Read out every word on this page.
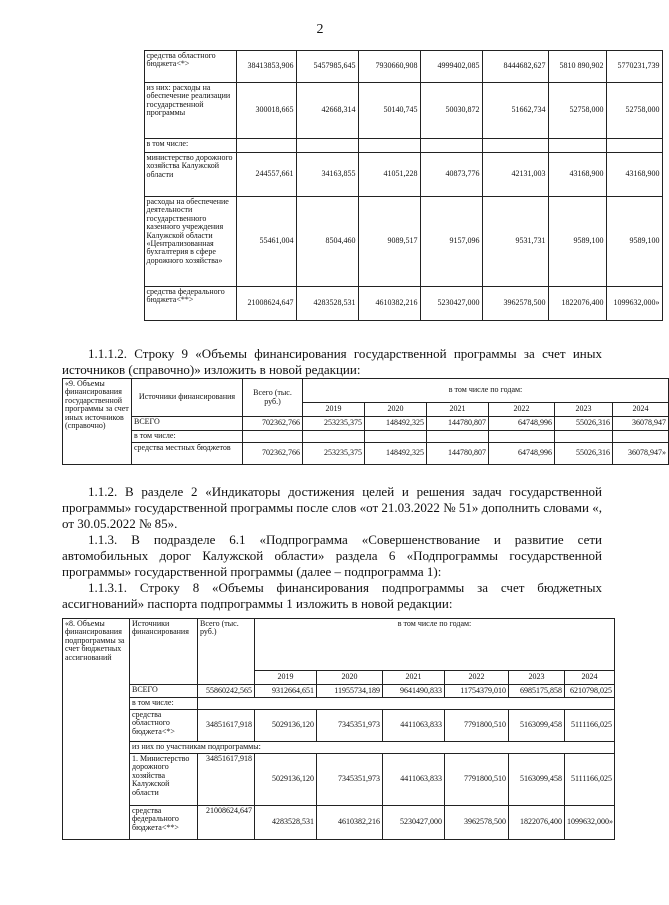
2
	средства областного бюджета<*>	38413853,906	5457985,645	7930660,908	4999402,085	8444682,627	5810 890,902	5770231,739
	из них: расходы на обеспечение реализации государственной программы	300018,665	42668,314	50140,745	50030,872	51662,734	52758,000	52758,000
	в том числе:							
	министерство дорожного хозяйства Калужской области	244557,661	34163,855	41051,228	40873,776	42131,003	43168,900	43168,900
	расходы на обеспечение деятельности государственного казенного учреждения Калужской области «Централизованная бухгалтерия в сфере дорожного хозяйства»	55461,004	8504,460	9089,517	9157,096	9531,731	9589,100	9589,100
	средства федерального бюджета<**>	21008624,647	4283528,531	4610382,216	5230427,000	3962578,500	1822076,400	1099632,000»
1.1.1.2. Строку 9 «Объемы финансирования государственной программы за счет иных источников (справочно)» изложить в новой редакции:
«9. Объемы финансирования государственной программы за счет иных источников (справочно)	Источники финансирования	Всего (тыс. руб.)	в том числе по годам:					
			2019	2020	2021	2022	2023	2024
	ВСЕГО	702362,766	253235,375	148492,325	144780,807	64748,996	55026,316	36078,947
	в том числе:							
	средства местных бюджетов	702362,766	253235,375	148492,325	144780,807	64748,996	55026,316	36078,947»
1.1.2. В разделе 2 «Индикаторы достижения целей и решения задач государственной программы» государственной программы после слов «от 21.03.2022 № 51» дополнить словами «, от 30.05.2022 № 85».
1.1.3. В подразделе 6.1 «Подпрограмма «Совершенствование и развитие сети автомобильных дорог Калужской области» раздела 6 «Подпрограммы государственной программы» государственной программы (далее – подпрограмма 1):
1.1.3.1. Строку 8 «Объемы финансирования подпрограммы за счет бюджетных ассигнований» паспорта подпрограммы 1 изложить в новой редакции:
«8. Объемы финансирования подпрограммы за счет бюджетных ассигнований	Источники финансирования	Всего (тыс. руб.)	в том числе по годам:					
			2019	2020	2021	2022	2023	2024
	ВСЕГО	55860242,565	9312664,651	11955734,189	9641490,833	11754379,010	6985175,858	6210798,025
	в том числе:							
	средства областного бюджета<*>	34851617,918	5029136,120	7345351,973	4411063,833	7791800,510	5163099,458	5111166,025
	из них по участникам подпрограммы:							
	1. Министерство дорожного хозяйства Калужской области	34851617,918	5029136,120	7345351,973	4411063,833	7791800,510	5163099,458	5111166,025
	средства федерального бюджета<**>	21008624,647	4283528,531	4610382,216	5230427,000	3962578,500	1822076,400	1099632,000»
